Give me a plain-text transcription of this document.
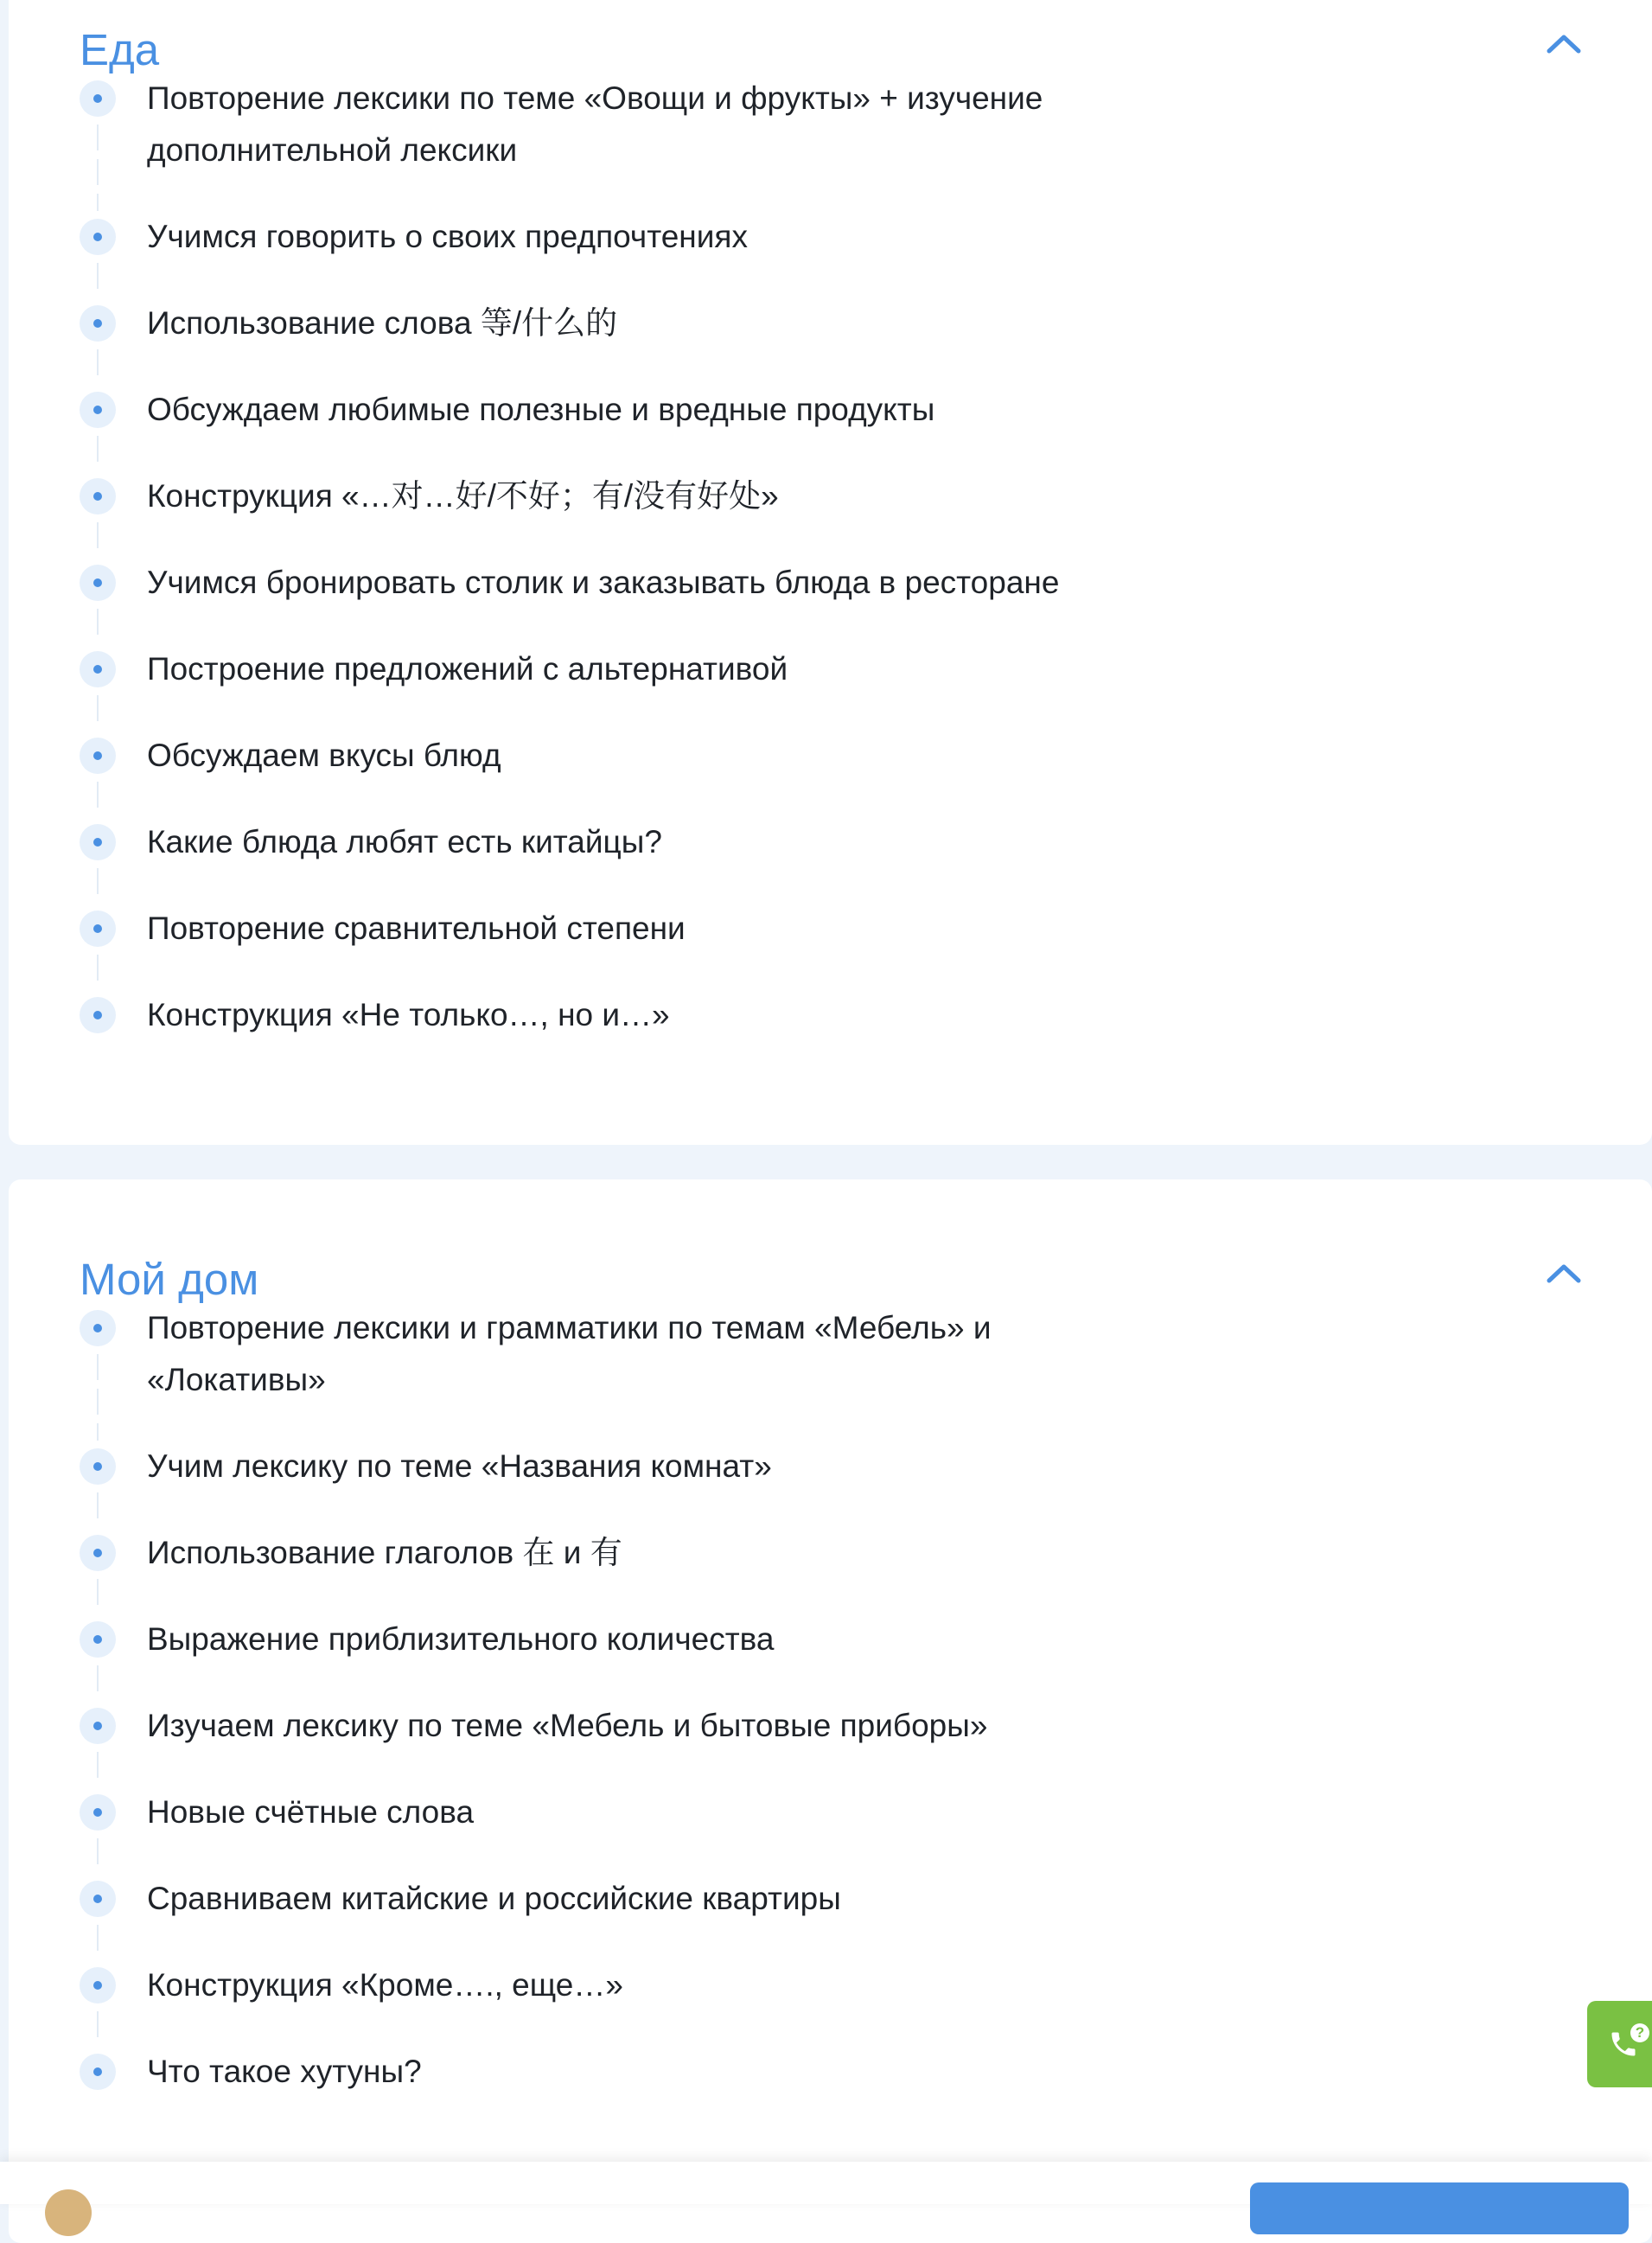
Еда
Повторение лексики по теме «Овощи и фрукты» + изучение дополнительной лексики
Учимся говорить о своих предпочтениях
Использование слова 等/什么的
Обсуждаем любимые полезные и вредные продукты
Конструкция «…对…好/不好；有/没有好处»
Учимся бронировать столик и заказывать блюда в ресторане
Построение предложений с альтернативой
Обсуждаем вкусы блюд
Какие блюда любят есть китайцы?
Повторение сравнительной степени
Конструкция «Не только…, но и…»
Мой дом
Повторение лексики и грамматики по темам «Мебель» и «Локативы»
Учим лексику по теме «Названия комнат»
Использование глаголов 在 и 有
Выражение приблизительного количества
Изучаем лексику по теме «Мебель и бытовые приборы»
Новые счётные слова
Сравниваем китайские и российские квартиры
Конструкция «Кроме…., еще…»
Что такое хутуны?
?
